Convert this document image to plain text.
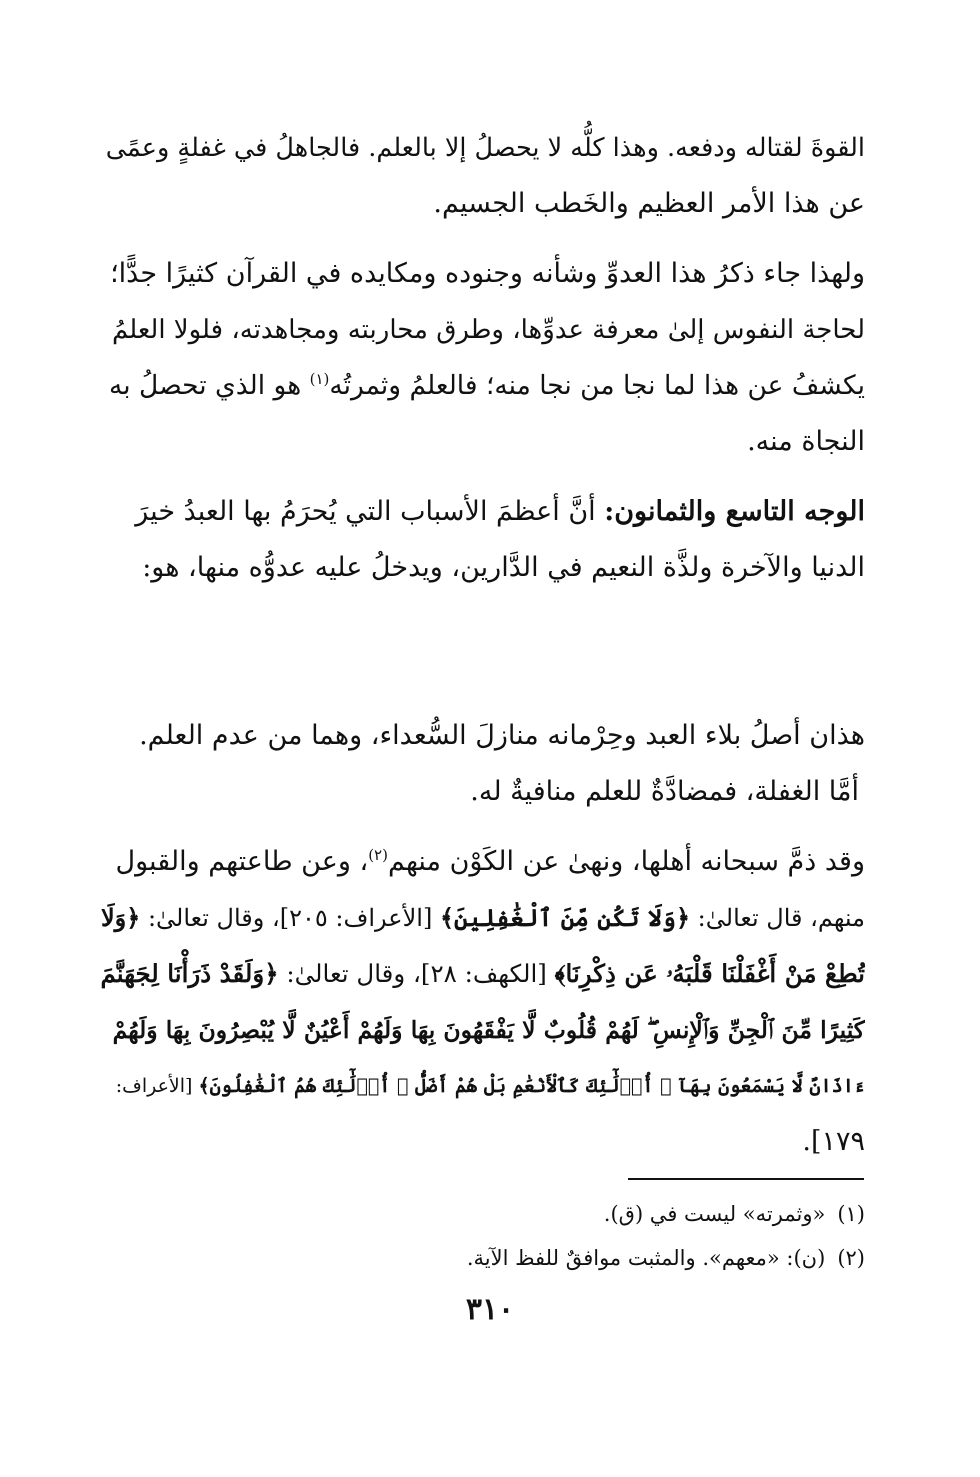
القوةَ لقتاله ودفعه. وهذا كلُّه لا يحصلُ إلا بالعلم. فالجاهلُ في غفلةٍ وعمًى
عن هذا الأمر العظيم والخَطب الجسيم.
ولهذا جاء ذكرُ هذا العدوِّ وشأنه وجنوده ومكايده في القرآن كثيرًا جدًّا؛
لحاجة النفوس إلىٰ معرفة عدوِّها، وطرق محاربته ومجاهدته، فلولا العلمُ
يكشفُ عن هذا لما نجا من نجا منه؛ فالعلمُ وثمرتُه$^{(١)}$ هو الذي تحصلُ به
النجاة منه.
الوجه التاسع والثمانون: أنَّ أعظمَ الأسباب التي يُحرَمُ بها العبدُ خيرَ
الدنيا والآخرة ولذَّة النعيم في الدَّارين، ويدخلُ عليه عدوُّه منها، هو:
هذان أصلُ بلاء العبد وحِرْمانه منازلَ السُّعداء، وهما من عدم العلم.
أمَّا الغفلة، فمضادَّةٌ للعلم منافيةٌ له.
وقد ذمَّ سبحانه أهلها، ونهىٰ عن الكَوْن منهم$^{(٢)}$، وعن طاعتهم والقبول
منهم، قال تعالىٰ: ﴿وَلَا تَكُن مِّنَ ٱلْغَٰفِلِينَ﴾ [الأعراف: ٢٠٥]، وقال تعالىٰ: ﴿وَلَا
تُطِعْ مَنْ أَغْفَلْنَا قَلْبَهُۥ عَن ذِكْرِنَا﴾ [الكهف: ٢٨]، وقال تعالىٰ: ﴿وَلَقَدْ ذَرَأْنَا لِجَهَنَّمَ
كَثِيرًا مِّنَ ٱلْجِنِّ وَٱلْإِنسِ ۖ لَهُمْ قُلُوبٌ لَّا يَفْقَهُونَ بِهَا وَلَهُمْ أَعْيُنٌ لَّا يُبْصِرُونَ بِهَا وَلَهُمْ
ءَاذَانٌ لَّا يَسْمَعُونَ بِهَآ ۚ أُو۟لَٰٓئِكَ كَٱلْأَنْعَٰمِ بَلْ هُمْ أَضَلُّ ۚ أُو۟لَٰٓئِكَ هُمُ ٱلْغَٰفِلُونَ﴾ [الأعراف:
١٧٩].
(١)«وثمرته» ليست في (ق).
(٢)(ن): «معهم». والمثبت موافقٌ للفظ الآية.
٣١٠
